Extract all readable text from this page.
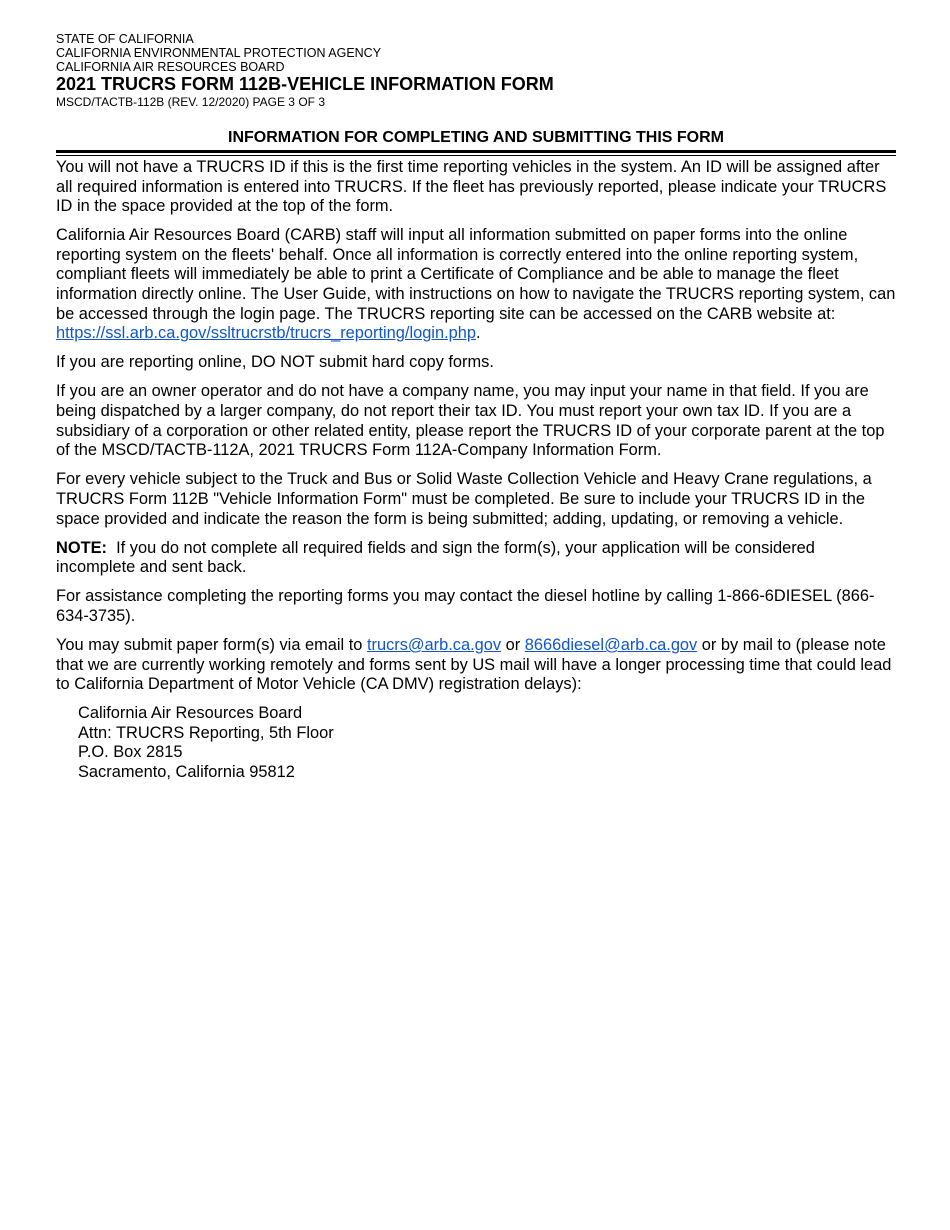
STATE OF CALIFORNIA

CALIFORNIA ENVIRONMENTAL PROTECTION AGENCY

CALIFORNIA AIR RESOURCES BOARD

2021 TRUCRS FORM 112B-VEHICLE INFORMATION FORM

MSCD/TACTB-112B (REV. 12/2020) PAGE 3 OF 3

INFORMATION FOR COMPLETING AND SUBMITTING THIS FORM

You will not have a TRUCRS ID if this is the first time reporting vehicles in the system. An ID will be assigned after all required information is entered into TRUCRS. If the fleet has previously reported, please indicate your TRUCRS ID in the space provided at the top of the form.

California Air Resources Board (CARB) staff will input all information submitted on paper forms into the online reporting system on the fleets' behalf. Once all information is correctly entered into the online reporting system, compliant fleets will immediately be able to print a Certificate of Compliance and be able to manage the fleet information directly online. The User Guide, with instructions on how to navigate the TRUCRS reporting system, can be accessed through the login page. The TRUCRS reporting site can be accessed on the CARB website at: https://ssl.arb.ca.gov/ssltrucrstb/trucrs_reporting/login.php.

If you are reporting online, DO NOT submit hard copy forms.

If you are an owner operator and do not have a company name, you may input your name in that field. If you are being dispatched by a larger company, do not report their tax ID. You must report your own tax ID. If you are a subsidiary of a corporation or other related entity, please report the TRUCRS ID of your corporate parent at the top of the MSCD/TACTB-112A, 2021 TRUCRS Form 112A-Company Information Form.

For every vehicle subject to the Truck and Bus or Solid Waste Collection Vehicle and Heavy Crane regulations, a TRUCRS Form 112B "Vehicle Information Form" must be completed. Be sure to include your TRUCRS ID in the space provided and indicate the reason the form is being submitted; adding, updating, or removing a vehicle.

NOTE:  If you do not complete all required fields and sign the form(s), your application will be considered incomplete and sent back.

For assistance completing the reporting forms you may contact the diesel hotline by calling 1-866-6DIESEL (866-634-3735).

You may submit paper form(s) via email to trucrs@arb.ca.gov or 8666diesel@arb.ca.gov or by mail to (please note that we are currently working remotely and forms sent by US mail will have a longer processing time that could lead to California Department of Motor Vehicle (CA DMV) registration delays):

California Air Resources Board
Attn: TRUCRS Reporting, 5th Floor
P.O. Box 2815
Sacramento, California 95812
